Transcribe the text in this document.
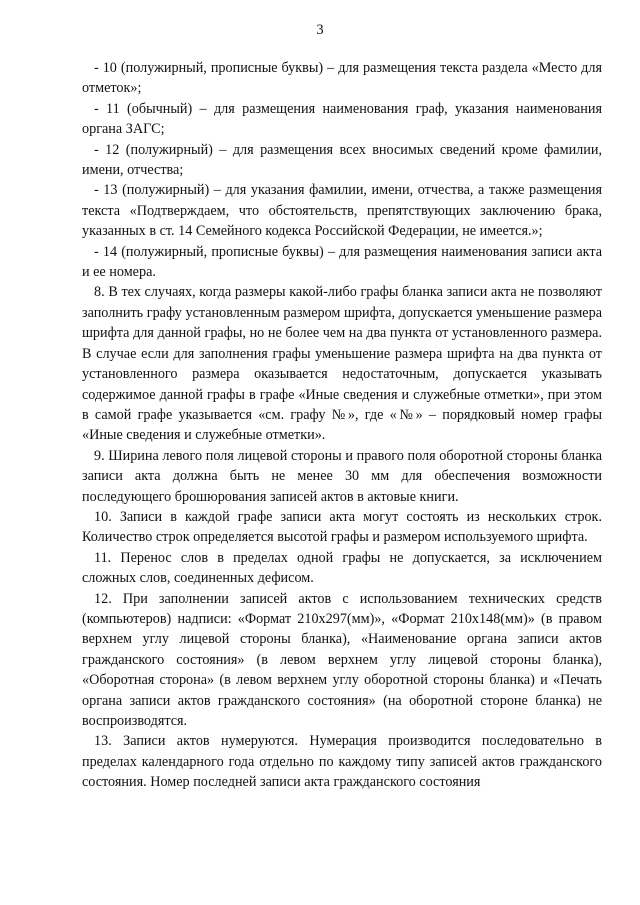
3

- 10 (полужирный, прописные буквы) – для размещения текста раздела «Место для отметок»;

- 11 (обычный) – для размещения наименования граф, указания наименования органа ЗАГС;

- 12 (полужирный) – для размещения всех вносимых сведений кроме фамилии, имени, отчества;

- 13 (полужирный) – для указания фамилии, имени, отчества, а также размещения текста «Подтверждаем, что обстоятельств, препятствующих заключению брака, указанных в ст. 14 Семейного кодекса Российской Федерации, не имеется.»;

- 14 (полужирный, прописные буквы) – для размещения наименования записи акта и ее номера.

8. В тех случаях, когда размеры какой-либо графы бланка записи акта не позволяют заполнить графу установленным размером шрифта, допускается уменьшение размера шрифта для данной графы, но не более чем на два пункта от установленного размера. В случае если для заполнения графы уменьшение размера шрифта на два пункта от установленного размера оказывается недостаточным, допускается указывать содержимое данной графы в графе «Иные сведения и служебные отметки», при этом в самой графе указывается «см. графу №», где «№» – порядковый номер графы «Иные сведения и служебные отметки».

9. Ширина левого поля лицевой стороны и правого поля оборотной стороны бланка записи акта должна быть не менее 30 мм для обеспечения возможности последующего брошюрования записей актов в актовые книги.

10. Записи в каждой графе записи акта могут состоять из нескольких строк. Количество строк определяется высотой графы и размером используемого шрифта.

11. Перенос слов в пределах одной графы не допускается, за исключением сложных слов, соединенных дефисом.

12. При заполнении записей актов с использованием технических средств (компьютеров) надписи: «Формат 210х297(мм)», «Формат 210х148(мм)» (в правом верхнем углу лицевой стороны бланка), «Наименование органа записи актов гражданского состояния» (в левом верхнем углу лицевой стороны бланка), «Оборотная сторона» (в левом верхнем углу оборотной стороны бланка) и «Печать органа записи актов гражданского состояния» (на оборотной стороне бланка) не воспроизводятся.

13. Записи актов нумеруются. Нумерация производится последовательно в пределах календарного года отдельно по каждому типу записей актов гражданского состояния. Номер последней записи акта гражданского состояния
